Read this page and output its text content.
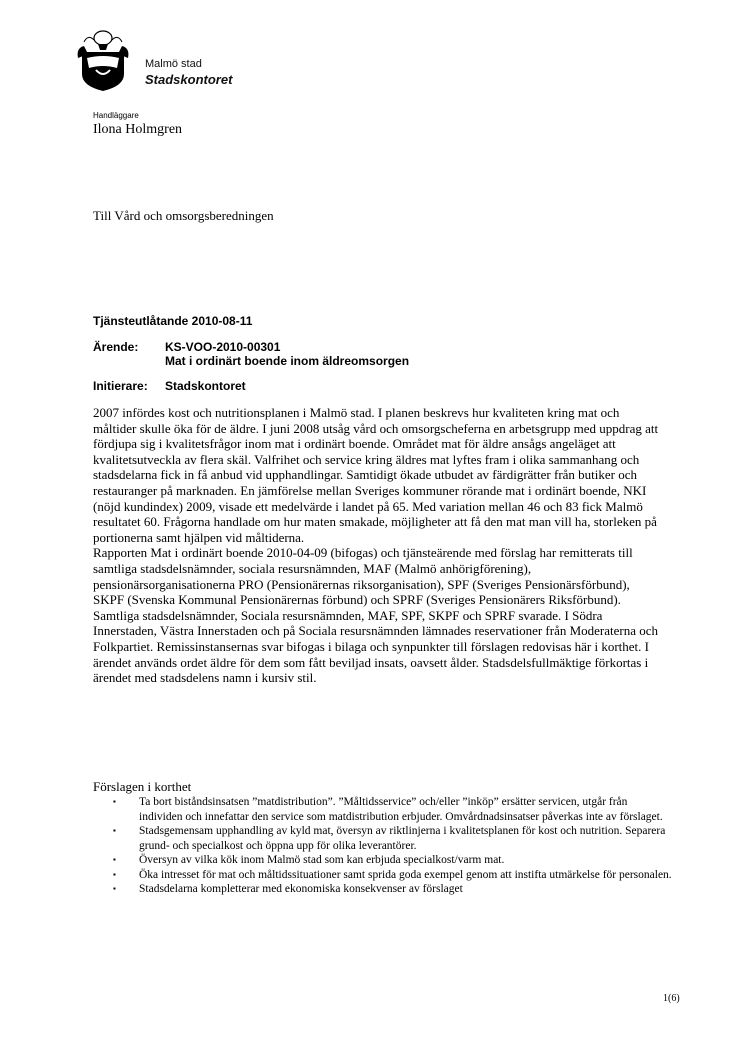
Malmö stad
Stadskontoret
Handläggare
Ilona Holmgren
Till Vård och omsorgsberedningen
Tjänsteutlåtande 2010-08-11
Ärende: KS-VOO-2010-00301
Mat i ordinärt boende inom äldreomsorgen
Initierare: Stadskontoret

2007 infördes kost och nutritionsplanen i Malmö stad. I planen beskrevs hur kvaliteten kring mat och måltider skulle öka för de äldre. I juni 2008 utsåg vård och omsorgscheferna en arbetsgrupp med uppdrag att fördjupa sig i kvalitetsfrågor inom mat i ordinärt boende. Området mat för äldre ansågs angeläget att kvalitetsutveckla av flera skäl. Valfrihet och service kring äldres mat lyftes fram i olika sammanhang och stadsdelarna fick in få anbud vid upphandlingar. Samtidigt ökade utbudet av färdigrätter från butiker och restauranger på marknaden. En jämförelse mellan Sveriges kommuner rörande mat i ordinärt boende, NKI (nöjd kundindex) 2009, visade ett medelvärde i landet på 65. Med variation mellan 46 och 83 fick Malmö resultatet 60. Frågorna handlade om hur maten smakade, möjligheter att få den mat man vill ha, storleken på portionerna samt hjälpen vid måltiderna.

Rapporten Mat i ordinärt boende 2010-04-09 (bifogas) och tjänsteärende med förslag har remitterats till samtliga stadsdelsnämnder, sociala resursnämnden, MAF (Malmö anhörigförening), pensionärsorganisationerna PRO (Pensionärernas riksorganisation), SPF (Sveriges Pensionärsförbund), SKPF (Svenska Kommunal Pensionärernas förbund) och SPRF (Sveriges Pensionärers Riksförbund).

Samtliga stadsdelsnämnder, Sociala resursnämnden, MAF, SPF, SKPF och SPRF svarade. I Södra Innerstaden, Västra Innerstaden och på Sociala resursnämnden lämnades reservationer från Moderaterna och Folkpartiet. Remissinstansernas svar bifogas i bilaga och synpunkter till förslagen redovisas här i korthet. I ärendet används ordet äldre för dem som fått beviljad insats, oavsett ålder. Stadsdelsfullmäktige förkortas i ärendet med stadsdelens namn i kursiv stil.

Förslagen i korthet
▪ Ta bort biståndsinsatsen ”matdistribution”. ”Måltidsservice” och/eller ”inköp” ersätter servicen, utgår från individen och innefattar den service som matdistribution erbjuder. Omvårdnadsinsatser påverkas inte av förslaget.
▪ Stadsgemensam upphandling av kyld mat, översyn av riktlinjerna i kvalitetsplanen för kost och nutrition. Separera grund- och specialkost och öppna upp för olika leverantörer.
▪ Översyn av vilka kök inom Malmö stad som kan erbjuda specialkost/varm mat.
▪ Öka intresset för mat och måltidssituationer samt sprida goda exempel genom att instifta utmärkelse för personalen.
▪ Stadsdelarna kompletterar med ekonomiska konsekvenser av förslaget
1(6)
